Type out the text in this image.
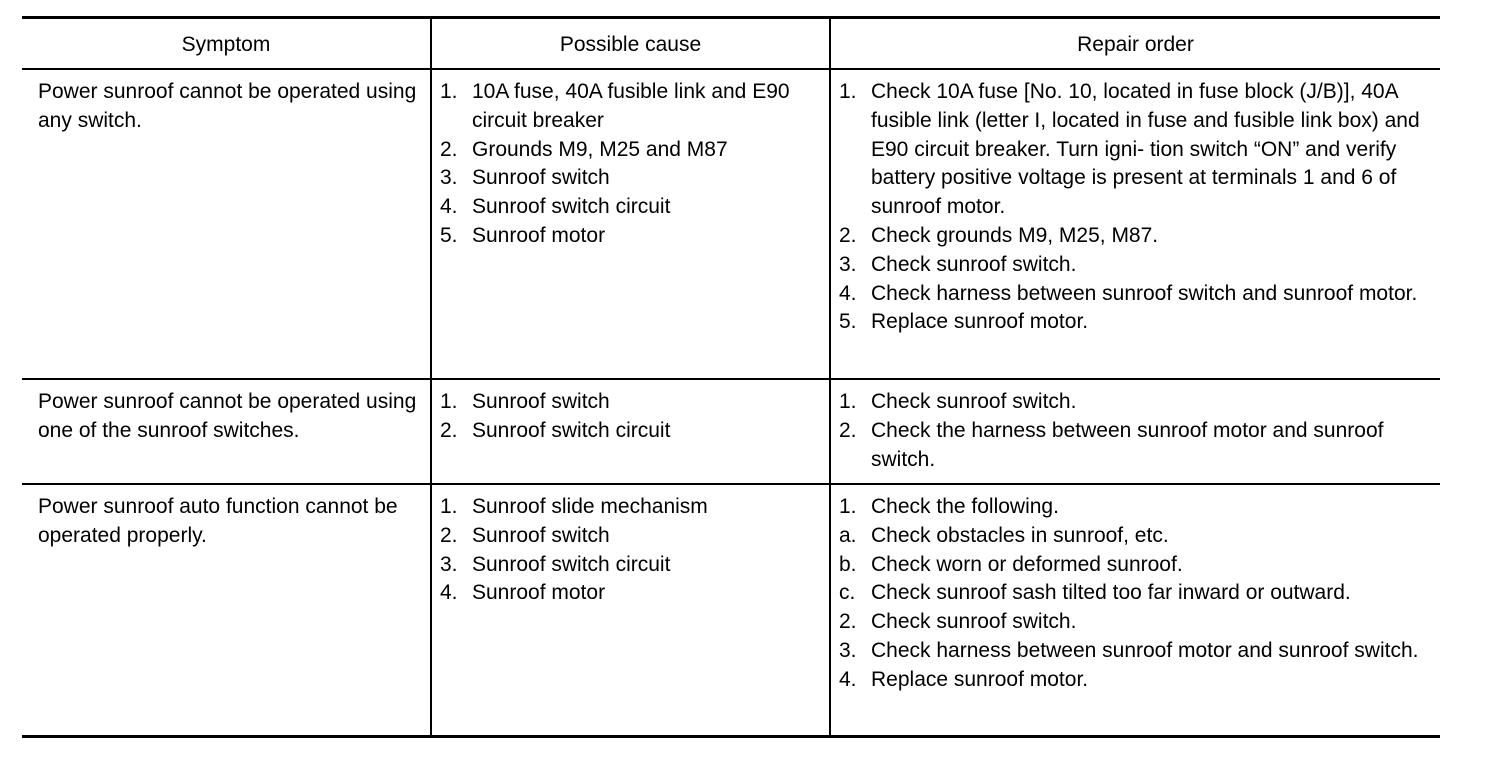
Symptom	Possible cause	Repair order
Power sunroof cannot be operated using any switch.
1. 10A fuse, 40A fusible link and E90 circuit breaker
2. Grounds M9, M25 and M87
3. Sunroof switch
4. Sunroof switch circuit
5. Sunroof motor
1. Check 10A fuse [No. 10, located in fuse block (J/B)], 40A fusible link (letter I, located in fuse and fusible link box) and E90 circuit breaker. Turn igni- tion switch “ON” and verify battery positive voltage is present at terminals 1 and 6 of sunroof motor.
2. Check grounds M9, M25, M87.
3. Check sunroof switch.
4. Check harness between sunroof switch and sunroof motor.
5. Replace sunroof motor.
Power sunroof cannot be operated using one of the sunroof switches.
1. Sunroof switch
2. Sunroof switch circuit
1. Check sunroof switch.
2. Check the harness between sunroof motor and sunroof switch.
Power sunroof auto function cannot be operated properly.
1. Sunroof slide mechanism
2. Sunroof switch
3. Sunroof switch circuit
4. Sunroof motor
1. Check the following.
a. Check obstacles in sunroof, etc.
b. Check worn or deformed sunroof.
c. Check sunroof sash tilted too far inward or outward.
2. Check sunroof switch.
3. Check harness between sunroof motor and sunroof switch.
4. Replace sunroof motor.
